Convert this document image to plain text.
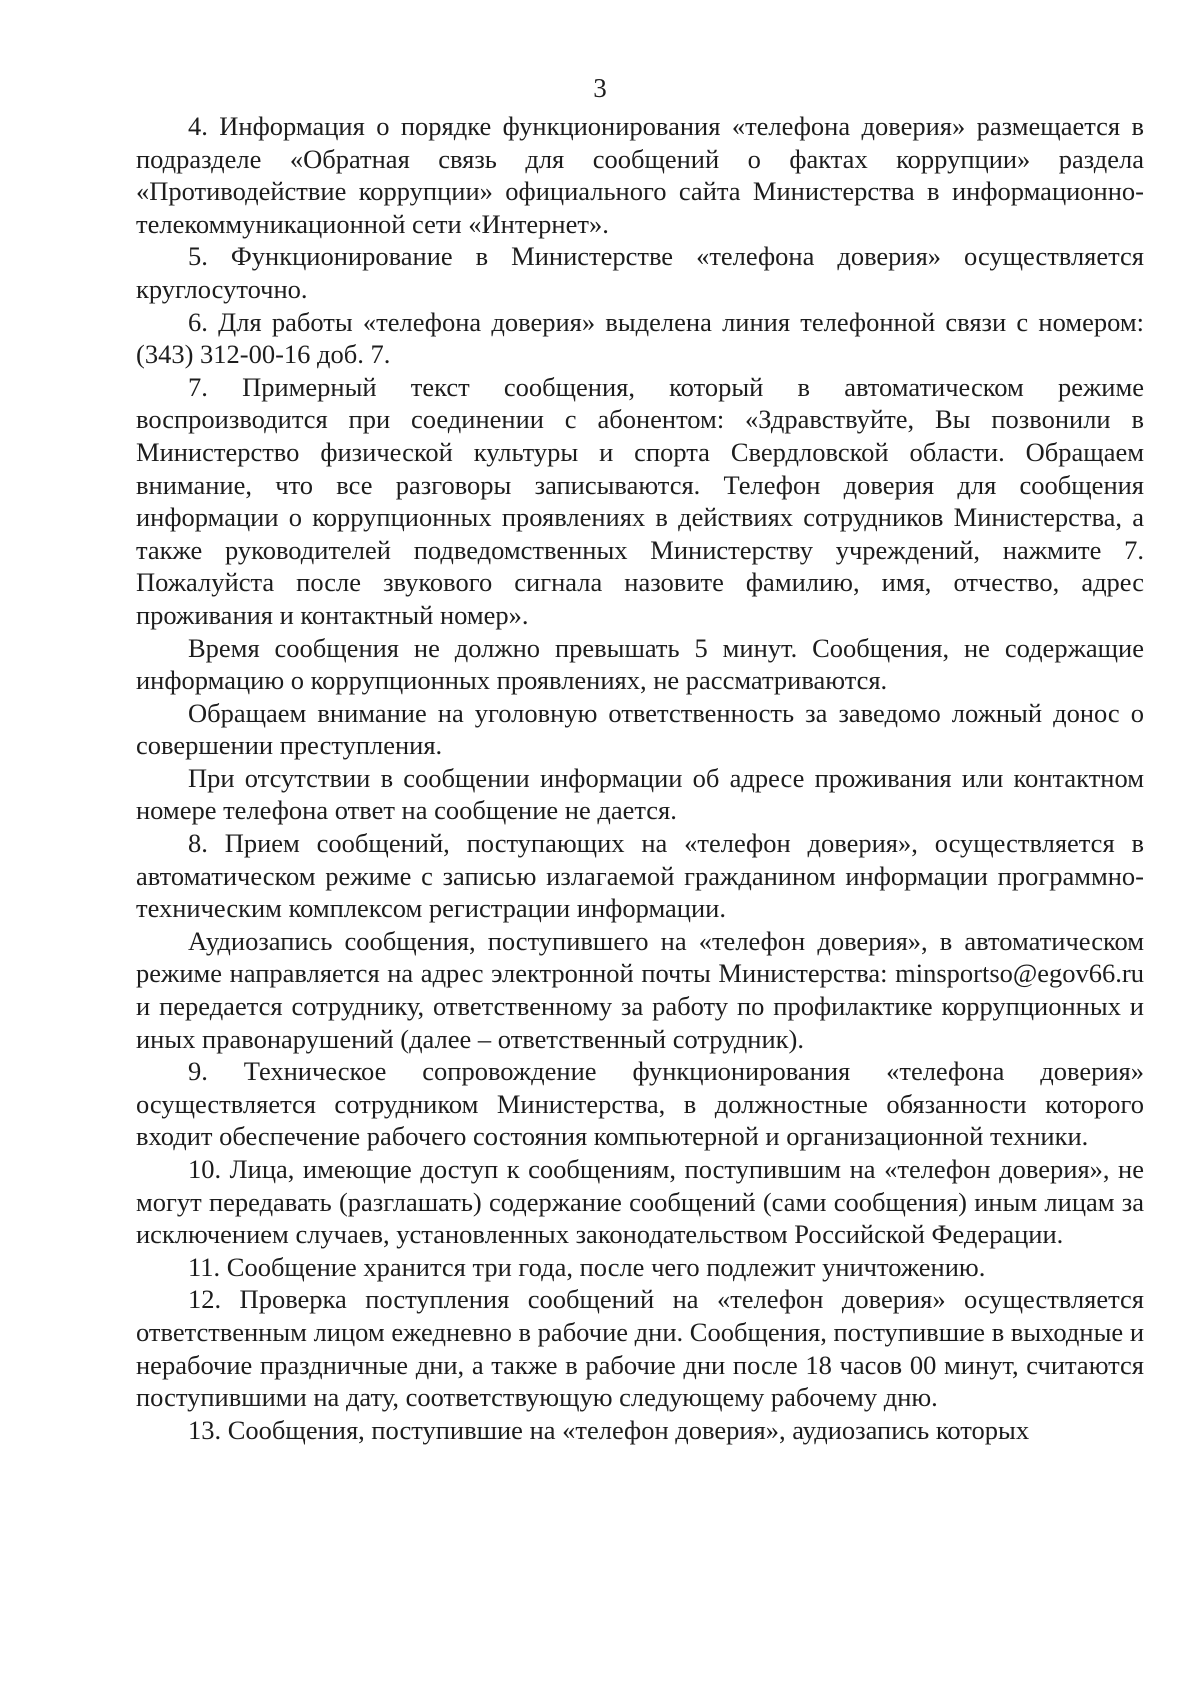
3

4. Информация о порядке функционирования «телефона доверия» размещается в подразделе «Обратная связь для сообщений о фактах коррупции» раздела «Противодействие коррупции» официального сайта Министерства в информационно-телекоммуникационной сети «Интернет».

5. Функционирование в Министерстве «телефона доверия» осуществляется круглосуточно.

6. Для работы «телефона доверия» выделена линия телефонной связи с номером: (343) 312-00-16 доб. 7.

7. Примерный текст сообщения, который в автоматическом режиме воспроизводится при соединении с абонентом: «Здравствуйте, Вы позвонили в Министерство физической культуры и спорта Свердловской области. Обращаем внимание, что все разговоры записываются. Телефон доверия для сообщения информации о коррупционных проявлениях в действиях сотрудников Министерства, а также руководителей подведомственных Министерству учреждений, нажмите 7. Пожалуйста после звукового сигнала назовите фамилию, имя, отчество, адрес проживания и контактный номер».

Время сообщения не должно превышать 5 минут. Сообщения, не содержащие информацию о коррупционных проявлениях, не рассматриваются.

Обращаем внимание на уголовную ответственность за заведомо ложный донос о совершении преступления.

При отсутствии в сообщении информации об адресе проживания или контактном номере телефона ответ на сообщение не дается.

8. Прием сообщений, поступающих на «телефон доверия», осуществляется в автоматическом режиме с записью излагаемой гражданином информации программно-техническим комплексом регистрации информации.

Аудиозапись сообщения, поступившего на «телефон доверия», в автоматическом режиме направляется на адрес электронной почты Министерства: minsportso@egov66.ru и передается сотруднику, ответственному за работу по профилактике коррупционных и иных правонарушений (далее – ответственный сотрудник).

9. Техническое сопровождение функционирования «телефона доверия» осуществляется сотрудником Министерства, в должностные обязанности которого входит обеспечение рабочего состояния компьютерной и организационной техники.

10. Лица, имеющие доступ к сообщениям, поступившим на «телефон доверия», не могут передавать (разглашать) содержание сообщений (сами сообщения) иным лицам за исключением случаев, установленных законодательством Российской Федерации.

11. Сообщение хранится три года, после чего подлежит уничтожению.

12. Проверка поступления сообщений на «телефон доверия» осуществляется ответственным лицом ежедневно в рабочие дни. Сообщения, поступившие в выходные и нерабочие праздничные дни, а также в рабочие дни после 18 часов 00 минут, считаются поступившими на дату, соответствующую следующему рабочему дню.

13. Сообщения, поступившие на «телефон доверия», аудиозапись которых
